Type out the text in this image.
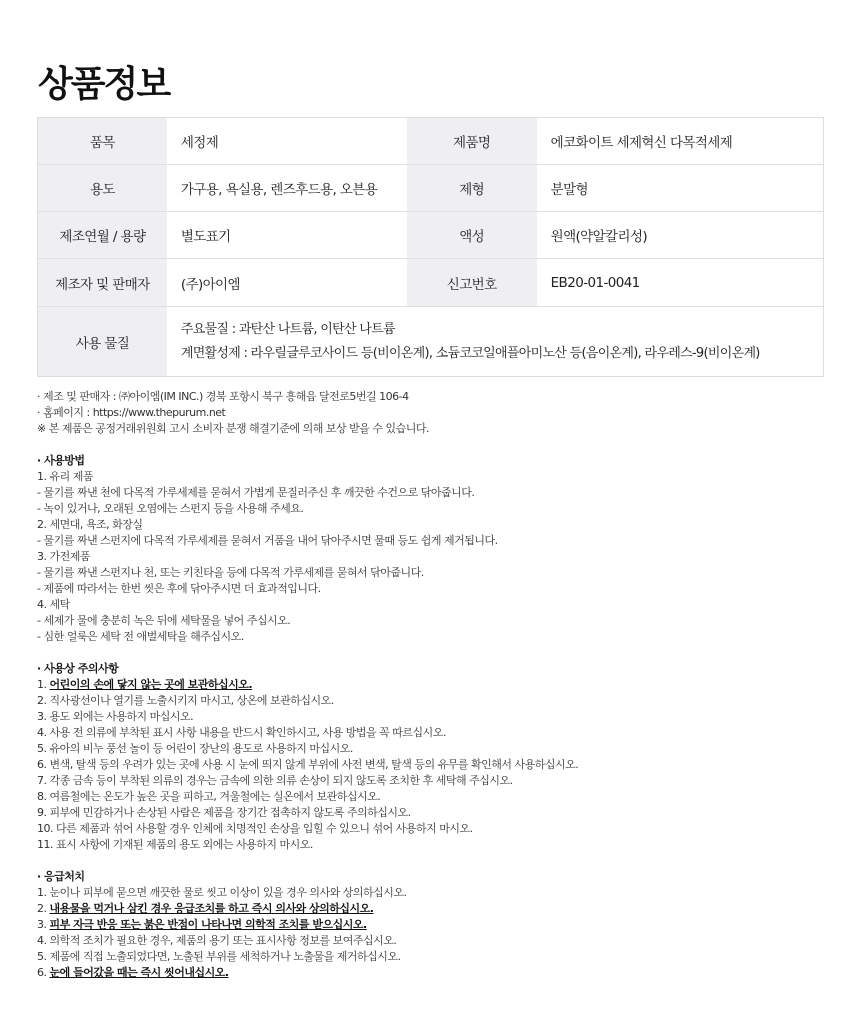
상품정보
품목	세정제	제품명	에코화이트 세제혁신 다목적세제
용도	가구용, 욕실용, 렌즈후드용, 오븐용	제형	분말형
제조연월 / 용량	별도표기	액성	원액(약알칼리성)
제조자 및 판매자	(주)아이엠	신고번호	EB20-01-0041
사용 물질	주요물질 : 과탄산 나트륨, 이탄산 나트륨
계면활성제 : 라우릴글루코사이드 등(비이온계), 소듐코코일애플아미노산 등(음이온계), 라우레스-9(비이온계)		
· 제조 및 판매자 : ㈜아이엠(IM INC.) 경북 포항시 북구 흥해읍 달전로5번길 106-4
· 홈페이지 : https://www.thepurum.net
※ 본 제품은 공정거래위원회 고시 소비자 분쟁 해결기준에 의해 보상 받을 수 있습니다.
· 사용방법
1. 유리 제품
- 물기를 짜낸 천에 다목적 가루세제를 묻혀서 가볍게 문질러주신 후 깨끗한 수건으로 닦아줍니다.
- 녹이 있거나, 오래된 오염에는 스펀지 등을 사용해 주세요.
2. 세면대, 욕조, 화장실
- 물기를 짜낸 스펀지에 다목적 가루세제를 묻혀서 거품을 내어 닦아주시면 물때 등도 쉽게 제거됩니다.
3. 가전제품
- 물기를 짜낸 스펀지나 천, 또는 키친타올 등에 다목적 가루세제를 묻혀서 닦아줍니다.
- 제품에 따라서는 한번 씻은 후에 닦아주시면 더 효과적입니다.
4. 세탁
- 세제가 물에 충분히 녹은 뒤에 세탁물을 넣어 주십시오.
- 심한 얼룩은 세탁 전 애벌세탁을 해주십시오.
· 사용상 주의사항
1. 어린이의 손에 닿지 않는 곳에 보관하십시오.
2. 직사광선이나 열기를 노출시키지 마시고, 상온에 보관하십시오.
3. 용도 외에는 사용하지 마십시오.
4. 사용 전 의류에 부착된 표시 사항 내용을 반드시 확인하시고, 사용 방법을 꼭 따르십시오.
5. 유아의 비누 풍선 놀이 등 어린이 장난의 용도로 사용하지 마십시오.
6. 변색, 탈색 등의 우려가 있는 곳에 사용 시 눈에 띄지 않게 부위에 사전 변색, 탈색 등의 유무를 확인해서 사용하십시오.
7. 각종 금속 등이 부착된 의류의 경우는 금속에 의한 의류 손상이 되지 않도록 조치한 후 세탁해 주십시오.
8. 여름철에는 온도가 높은 곳을 피하고, 겨울철에는 실온에서 보관하십시오.
9. 피부에 민감하거나 손상된 사람은 제품을 장기간 접촉하지 않도록 주의하십시오.
10. 다른 제품과 섞어 사용할 경우 인체에 치명적인 손상을 입힐 수 있으니 섞어 사용하지 마시오.
11. 표시 사항에 기재된 제품의 용도 외에는 사용하지 마시오.
· 응급처치
1. 눈이나 피부에 묻으면 깨끗한 물로 씻고 이상이 있을 경우 의사와 상의하십시오.
2. 내용물을 먹거나 삼킨 경우 응급조치를 하고 즉시 의사와 상의하십시오.
3. 피부 자극 반응 또는 붉은 반점이 나타나면 의학적 조치를 받으십시오.
4. 의학적 조치가 필요한 경우, 제품의 용기 또는 표시사항 정보를 보여주십시오.
5. 제품에 직접 노출되었다면, 노출된 부위를 세척하거나 노출물을 제거하십시오.
6. 눈에 들어갔을 때는 즉시 씻어내십시오.
